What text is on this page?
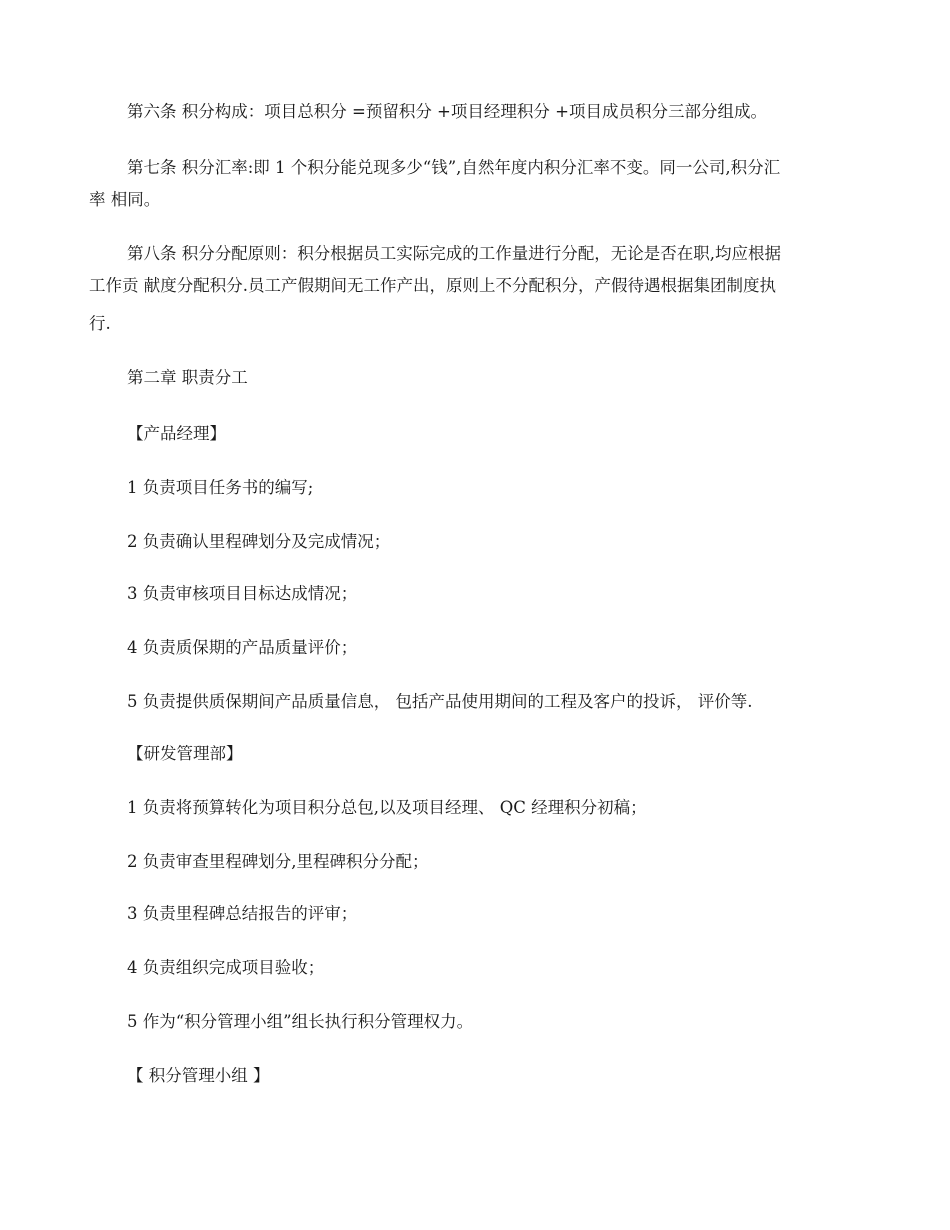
第六条 积分构成：项目总积分 =预留积分 +项目经理积分 +项目成员积分三部分组成。
第七条 积分汇率:即 1 个积分能兑现多少“钱”,自然年度内积分汇率不变。同一公司,积分汇
率 相同。
第八条 积分分配原则：积分根据员工实际完成的工作量进行分配，无论是否在职,均应根据
工作贡 献度分配积分.员工产假期间无工作产出，原则上不分配积分，产假待遇根据集团制度执
行.
第二章 职责分工
【产品经理】
1 负责项目任务书的编写;
2 负责确认里程碑划分及完成情况；
3 负责审核项目目标达成情况；
4 负责质保期的产品质量评价；
5 负责提供质保期间产品质量信息， 包括产品使用期间的工程及客户的投诉， 评价等.
【研发管理部】
1 负责将预算转化为项目积分总包,以及项目经理、 QC 经理积分初稿；
2 负责审查里程碑划分,里程碑积分分配；
3 负责里程碑总结报告的评审；
4 负责组织完成项目验收；
5 作为“积分管理小组”组长执行积分管理权力。
【 积分管理小组 】
